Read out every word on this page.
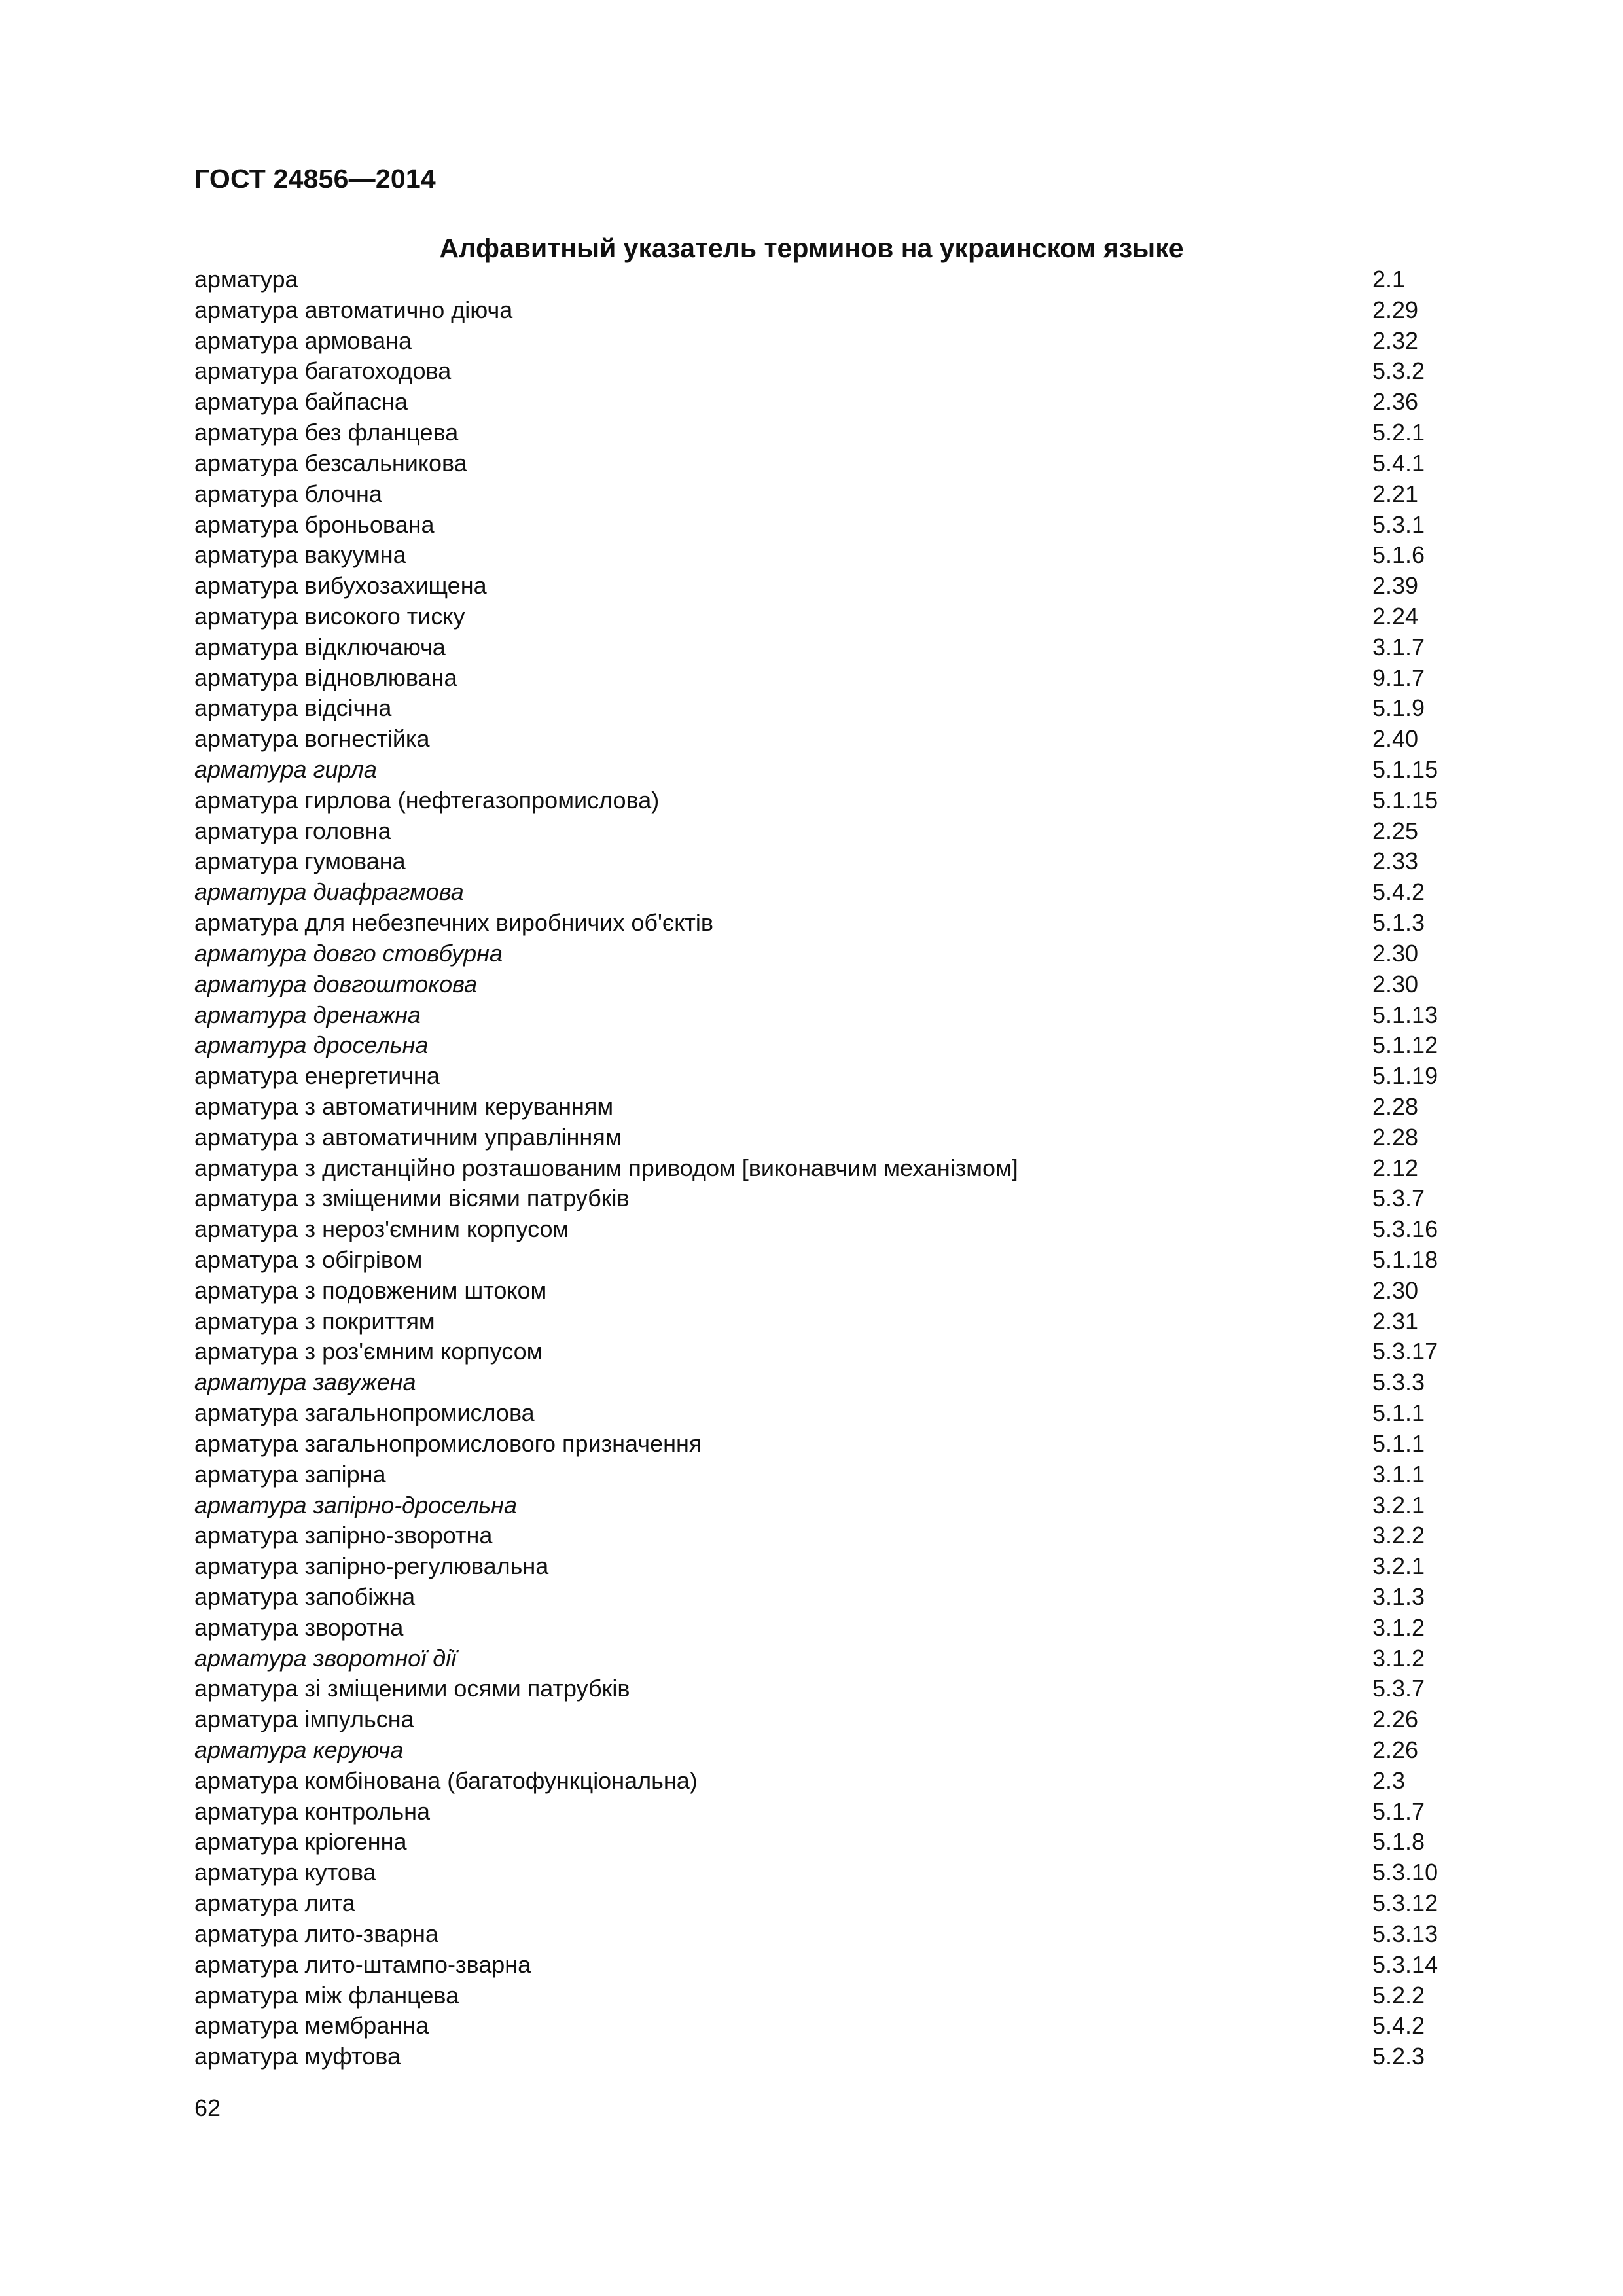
ГОСТ 24856—2014
Алфавитный указатель терминов на украинском языке
арматура	2.1
арматура автоматично діюча	2.29
арматура армована	2.32
арматура багатоходова	5.3.2
арматура байпасна	2.36
арматура без фланцева	5.2.1
арматура безсальникова	5.4.1
арматура блочна	2.21
арматура броньована	5.3.1
арматура вакуумна	5.1.6
арматура вибухозахищена	2.39
арматура високого тиску	2.24
арматура відключаюча	3.1.7
арматура відновлювана	9.1.7
арматура відсічна	5.1.9
арматура вогнестійка	2.40
арматура гирла	5.1.15
арматура гирлова (нефтегазопромислова)	5.1.15
арматура головна	2.25
арматура гумована	2.33
арматура диафрагмова	5.4.2
арматура для небезпечних виробничих об'єктів	5.1.3
арматура довго стовбурна	2.30
арматура довгоштокова	2.30
арматура дренажна	5.1.13
арматура дросельна	5.1.12
арматура енергетична	5.1.19
арматура з автоматичним керуванням	2.28
арматура з автоматичним управлінням	2.28
арматура з дистанційно розташованим приводом [виконавчим механізмом]	2.12
арматура з зміщеними вісями патрубків	5.3.7
арматура з нероз'ємним корпусом	5.3.16
арматура з обігрівом	5.1.18
арматура з подовженим штоком	2.30
арматура з покриттям	2.31
арматура з роз'ємним корпусом	5.3.17
арматура завужена	5.3.3
арматура загальнопромислова	5.1.1
арматура загальнопромислового призначення	5.1.1
арматура запірна	3.1.1
арматура запірно-дросельна	3.2.1
арматура запірно-зворотна	3.2.2
арматура запірно-регулювальна	3.2.1
арматура запобіжна	3.1.3
арматура зворотна	3.1.2
арматура зворотної дії	3.1.2
арматура зі зміщеними осями патрубків	5.3.7
арматура імпульсна	2.26
арматура керуюча	2.26
арматура комбінована (багатофункціональна)	2.3
арматура контрольна	5.1.7
арматура кріогенна	5.1.8
арматура кутова	5.3.10
арматура лита	5.3.12
арматура лито-зварна	5.3.13
арматура лито-штампо-зварна	5.3.14
арматура між фланцева	5.2.2
арматура мембранна	5.4.2
арматура муфтова	5.2.3
62
